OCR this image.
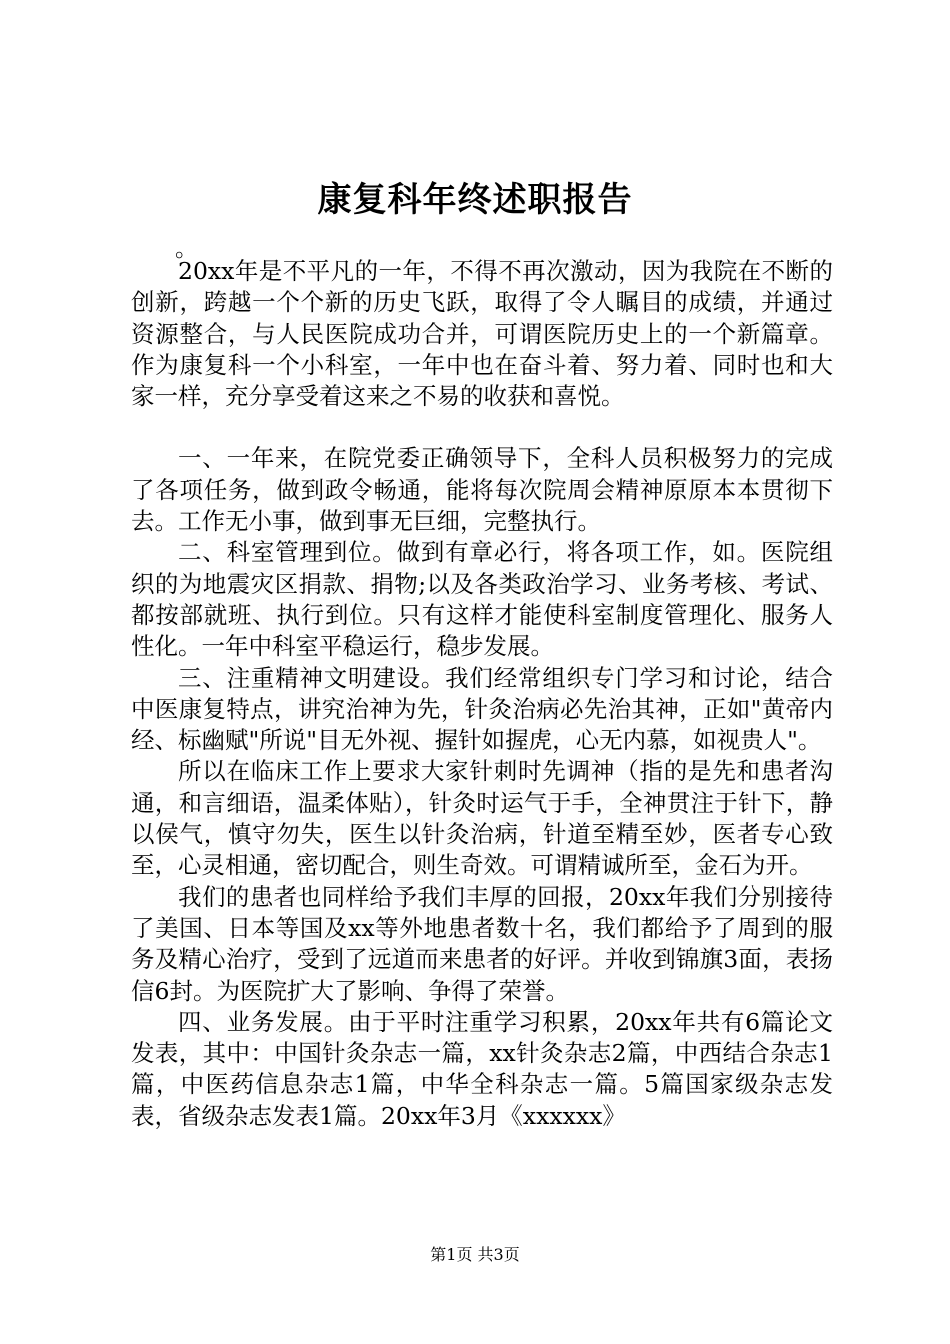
康复科年终述职报告
。

20xx年是不平凡的一年，不得不再次激动，因为我院在不断的创新，跨越一个个新的历史飞跃，取得了令人瞩目的成绩，并通过资源整合，与人民医院成功合并，可谓医院历史上的一个新篇章。作为康复科一个小科室，一年中也在奋斗着、努力着、同时也和大家一样，充分享受着这来之不易的收获和喜悦。

一、一年来，在院党委正确领导下，全科人员积极努力的完成了各项任务，做到政令畅通，能将每次院周会精神原原本本贯彻下去。工作无小事，做到事无巨细，完整执行。

二、科室管理到位。做到有章必行，将各项工作，如。医院组织的为地震灾区捐款、捐物;以及各类政治学习、业务考核、考试、都按部就班、执行到位。只有这样才能使科室制度管理化、服务人性化。一年中科室平稳运行，稳步发展。

三、注重精神文明建设。我们经常组织专门学习和讨论，结合中医康复特点，讲究治神为先，针灸治病必先治其神，正如"黄帝内经、标幽赋"所说"目无外视、握针如握虎，心无内慕，如视贵人"。

所以在临床工作上要求大家针刺时先调神（指的是先和患者沟通，和言细语，温柔体贴），针灸时运气于手，全神贯注于针下，静以侯气，慎守勿失，医生以针灸治病，针道至精至妙，医者专心致至，心灵相通，密切配合，则生奇效。可谓精诚所至，金石为开。

我们的患者也同样给予我们丰厚的回报，20xx年我们分别接待了美国、日本等国及xx等外地患者数十名，我们都给予了周到的服务及精心治疗，受到了远道而来患者的好评。并收到锦旗3面，表扬信6封。为医院扩大了影响、争得了荣誉。

四、业务发展。由于平时注重学习积累，20xx年共有6篇论文发表，其中：中国针灸杂志一篇，xx针灸杂志2篇，中西结合杂志1篇，中医药信息杂志1篇，中华全科杂志一篇。5篇国家级杂志发表，省级杂志发表1篇。20xx年3月《xxxxxx》

第1页 共3页
